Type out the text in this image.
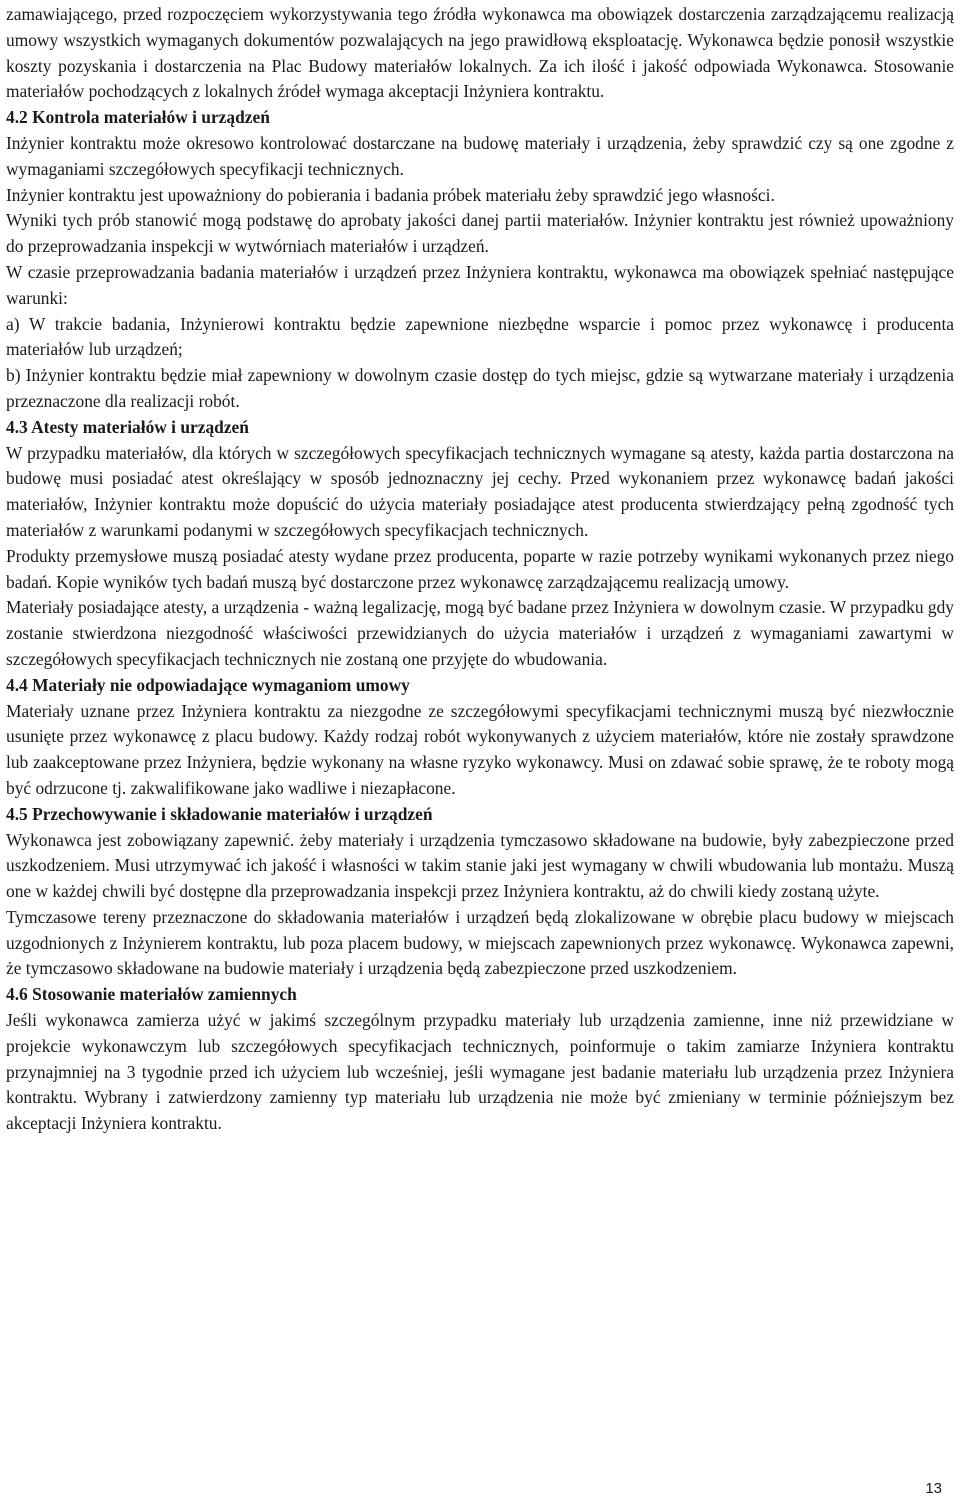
zamawiającego, przed rozpoczęciem wykorzystywania tego źródła wykonawca ma obowiązek dostarczenia zarządzającemu realizacją umowy wszystkich wymaganych dokumentów pozwalających na jego prawidłową eksploatację. Wykonawca będzie ponosił wszystkie koszty pozyskania i dostarczenia na Plac Budowy materiałów lokalnych. Za ich ilość i jakość odpowiada Wykonawca. Stosowanie materiałów pochodzących z lokalnych źródeł wymaga akceptacji Inżyniera kontraktu.

4.2 Kontrola materiałów i urządzeń

Inżynier kontraktu może okresowo kontrolować dostarczane na budowę materiały i urządzenia, żeby sprawdzić czy są one zgodne z wymaganiami szczegółowych specyfikacji technicznych.

Inżynier kontraktu jest upoważniony do pobierania i badania próbek materiału żeby sprawdzić jego własności.

Wyniki tych prób stanowić mogą podstawę do aprobaty jakości danej partii materiałów. Inżynier kontraktu jest również upoważniony do przeprowadzania inspekcji w wytwórniach materiałów i urządzeń.

W czasie przeprowadzania badania materiałów i urządzeń przez Inżyniera kontraktu, wykonawca ma obowiązek spełniać następujące warunki:

a) W trakcie badania, Inżynierowi kontraktu będzie zapewnione niezbędne wsparcie i pomoc przez wykonawcę i producenta materiałów lub urządzeń;

b) Inżynier kontraktu będzie miał zapewniony w dowolnym czasie dostęp do tych miejsc, gdzie są wytwarzane materiały i urządzenia przeznaczone dla realizacji robót.

4.3 Atesty materiałów i urządzeń

W przypadku materiałów, dla których w szczegółowych specyfikacjach technicznych wymagane są atesty, każda partia dostarczona na budowę musi posiadać atest określający w sposób jednoznaczny jej cechy. Przed wykonaniem przez wykonawcę badań jakości materiałów, Inżynier kontraktu może dopuścić do użycia materiały posiadające atest producenta stwierdzający pełną zgodność tych materiałów z warunkami podanymi w szczegółowych specyfikacjach technicznych.

Produkty przemysłowe muszą posiadać atesty wydane przez producenta, poparte w razie potrzeby wynikami wykonanych przez niego badań. Kopie wyników tych badań muszą być dostarczone przez wykonawcę zarządzającemu realizacją umowy.

Materiały posiadające atesty, a urządzenia - ważną legalizację, mogą być badane przez Inżyniera w dowolnym czasie. W przypadku gdy zostanie stwierdzona niezgodność właściwości przewidzianych do użycia materiałów i urządzeń z wymaganiami zawartymi w szczegółowych specyfikacjach technicznych nie zostaną one przyjęte do wbudowania.

4.4 Materiały nie odpowiadające wymaganiom umowy

Materiały uznane przez Inżyniera kontraktu za niezgodne ze szczegółowymi specyfikacjami technicznymi muszą być niezwłocznie usunięte przez wykonawcę z placu budowy. Każdy rodzaj robót wykonywanych z użyciem materiałów, które nie zostały sprawdzone lub zaakceptowane przez Inżyniera, będzie wykonany na własne ryzyko wykonawcy. Musi on zdawać sobie sprawę, że te roboty mogą być odrzucone tj. zakwalifikowane jako wadliwe i niezapłacone.

4.5 Przechowywanie i składowanie materiałów i urządzeń

Wykonawca jest zobowiązany zapewnić. żeby materiały i urządzenia tymczasowo składowane na budowie, były zabezpieczone przed uszkodzeniem. Musi utrzymywać ich jakość i własności w takim stanie jaki jest wymagany w chwili wbudowania lub montażu. Muszą one w każdej chwili być dostępne dla przeprowadzania inspekcji przez Inżyniera kontraktu, aż do chwili kiedy zostaną użyte.

Tymczasowe tereny przeznaczone do składowania materiałów i urządzeń będą zlokalizowane w obrębie placu budowy w miejscach uzgodnionych z Inżynierem kontraktu, lub poza placem budowy, w miejscach zapewnionych przez wykonawcę. Wykonawca zapewni, że tymczasowo składowane na budowie materiały i urządzenia będą zabezpieczone przed uszkodzeniem.

4.6 Stosowanie materiałów zamiennych

Jeśli wykonawca zamierza użyć w jakimś szczególnym przypadku materiały lub urządzenia zamienne, inne niż przewidziane w projekcie wykonawczym lub szczegółowych specyfikacjach technicznych, poinformuje o takim zamiarze Inżyniera kontraktu przynajmniej na 3 tygodnie przed ich użyciem lub wcześniej, jeśli wymagane jest badanie materiału lub urządzenia przez Inżyniera kontraktu. Wybrany i zatwierdzony zamienny typ materiału lub urządzenia nie może być zmieniany w terminie późniejszym bez akceptacji Inżyniera kontraktu.

13
